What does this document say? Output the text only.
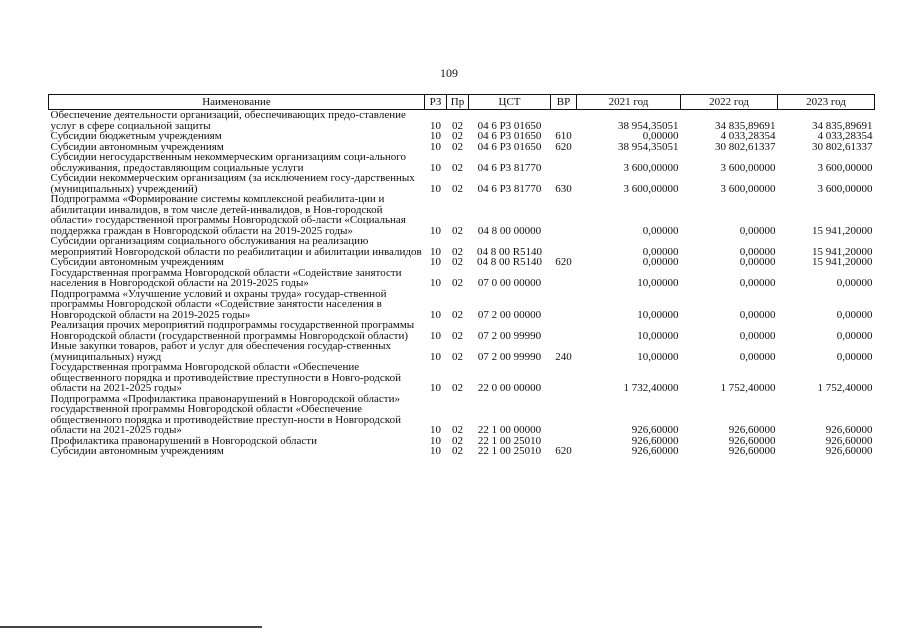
109
Наименование	РЗ	Пр	ЦСТ	ВР	2021 год	2022 год	2023 год
Обеспечение деятельности организаций, обеспечивающих предо-ставление услуг в сфере социальной защиты	10	02	04 6 Р3 01650		38 954,35051	34 835,89691	34 835,89691
Субсидии бюджетным учреждениям	10	02	04 6 Р3 01650	610	0,00000	4 033,28354	4 033,28354
Субсидии автономным учреждениям	10	02	04 6 Р3 01650	620	38 954,35051	30 802,61337	30 802,61337
Субсидии негосударственным некоммерческим организациям соци-ального обслуживания, предоставляющим социальные услуги	10	02	04 6 Р3 81770		3 600,00000	3 600,00000	3 600,00000
Субсидии некоммерческим организациям (за исключением госу-дарственных (муниципальных) учреждений)	10	02	04 6 Р3 81770	630	3 600,00000	3 600,00000	3 600,00000
Подпрограмма «Формирование системы комплексной реабилита-ции и абилитации инвалидов, в том числе детей-инвалидов, в Нов-городской области» государственной программы Новгородской об-ласти «Социальная поддержка граждан в Новгородской области на 2019-2025 годы»	10	02	04 8 00 00000		0,00000	0,00000	15 941,20000
Субсидии организациям социального обслуживания на реализацию мероприятий Новгородской области по реабилитации и абилитации инвалидов	10	02	04 8 00 R5140		0,00000	0,00000	15 941,20000
Субсидии автономным учреждениям	10	02	04 8 00 R5140	620	0,00000	0,00000	15 941,20000
Государственная программа Новгородской области «Содействие занятости населения в Новгородской области на 2019-2025 годы»	10	02	07 0 00 00000		10,00000	0,00000	0,00000
Подпрограмма «Улучшение условий и охраны труда» государ-ственной программы Новгородской области «Содействие занятости населения в Новгородской области на 2019-2025 годы»	10	02	07 2 00 00000		10,00000	0,00000	0,00000
Реализация прочих мероприятий подпрограммы государственной программы Новгородской области (государственной программы Новгородской области)	10	02	07 2 00 99990		10,00000	0,00000	0,00000
Иные закупки товаров, работ и услуг для обеспечения государ-ственных (муниципальных) нужд	10	02	07 2 00 99990	240	10,00000	0,00000	0,00000
Государственная программа Новгородской области «Обеспечение общественного порядка и противодействие преступности в Новго-родской области на 2021-2025 годы»	10	02	22 0 00 00000		1 732,40000	1 752,40000	1 752,40000
Подпрограмма «Профилактика правонарушений в Новгородской области» государственной программы Новгородской области «Обеспечение общественного порядка и противодействие преступ-ности в Новгородской области на 2021-2025 годы»	10	02	22 1 00 00000		926,60000	926,60000	926,60000
Профилактика правонарушений в Новгородской области	10	02	22 1 00 25010		926,60000	926,60000	926,60000
Субсидии автономным учреждениям	10	02	22 1 00 25010	620	926,60000	926,60000	926,60000
